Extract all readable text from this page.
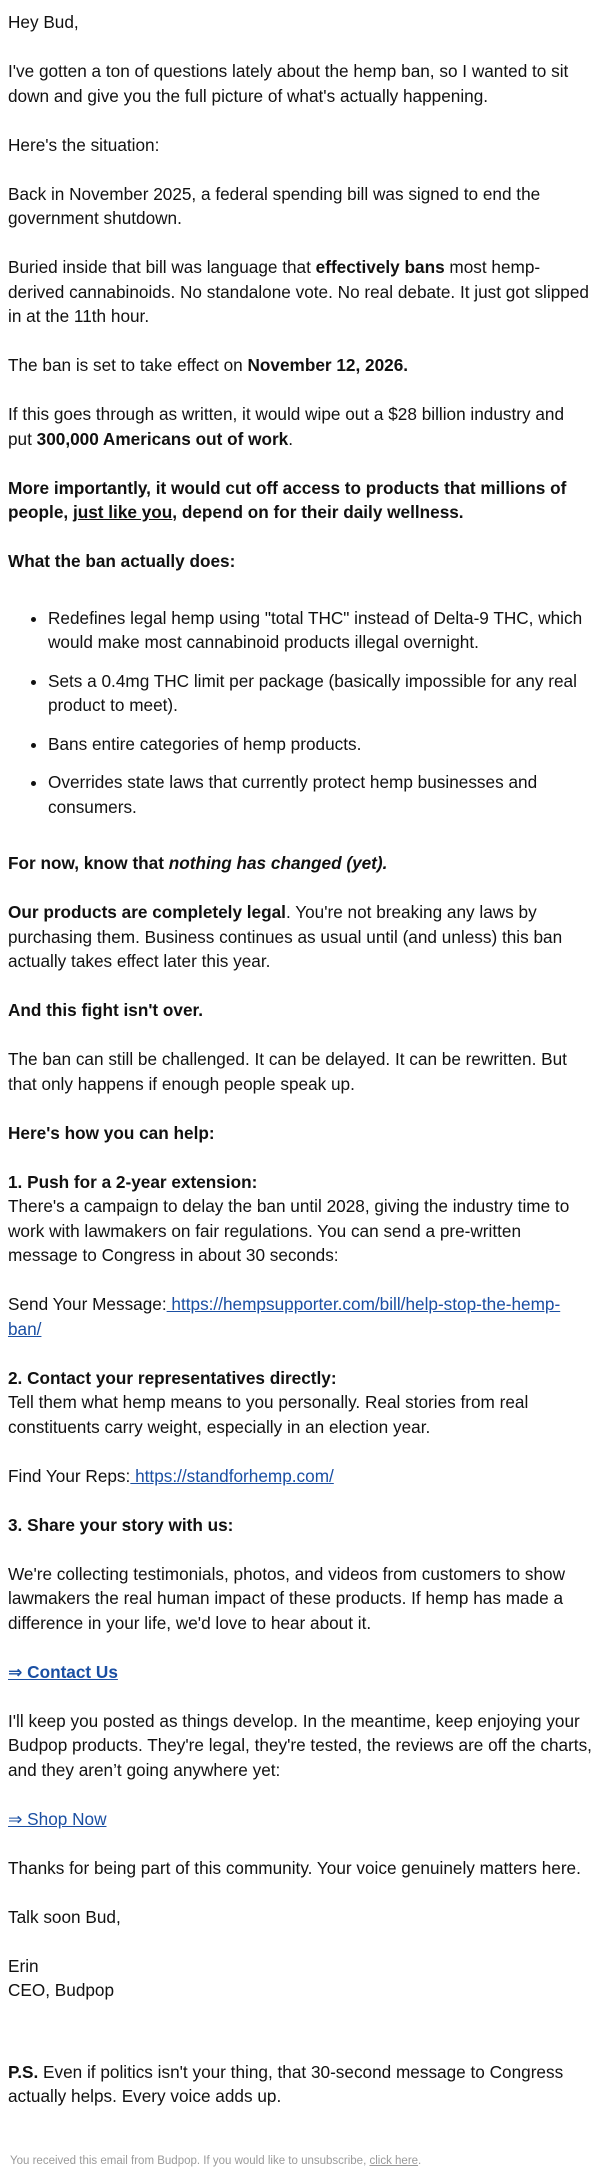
Hey Bud,

I've gotten a ton of questions lately about the hemp ban, so I wanted to sit down and give you the full picture of what's actually happening.

Here's the situation:

Back in November 2025, a federal spending bill was signed to end the government shutdown.

Buried inside that bill was language that effectively bans most hemp-derived cannabinoids. No standalone vote. No real debate. It just got slipped in at the 11th hour.

The ban is set to take effect on November 12, 2026.

If this goes through as written, it would wipe out a $28 billion industry and put 300,000 Americans out of work.

More importantly, it would cut off access to products that millions of people, just like you, depend on for their daily wellness.

What the ban actually does:

• Redefines legal hemp using "total THC" instead of Delta-9 THC, which would make most cannabinoid products illegal overnight.
• Sets a 0.4mg THC limit per package (basically impossible for any real product to meet).
• Bans entire categories of hemp products.
• Overrides state laws that currently protect hemp businesses and consumers.

For now, know that nothing has changed (yet).

Our products are completely legal. You're not breaking any laws by purchasing them. Business continues as usual until (and unless) this ban actually takes effect later this year.

And this fight isn't over.

The ban can still be challenged. It can be delayed. It can be rewritten. But that only happens if enough people speak up.

Here's how you can help:

1. Push for a 2-year extension:

There's a campaign to delay the ban until 2028, giving the industry time to work with lawmakers on fair regulations. You can send a pre-written message to Congress in about 30 seconds:

Send Your Message: https://hempsupporter.com/bill/help-stop-the-hemp-ban/

2. Contact your representatives directly:

Tell them what hemp means to you personally. Real stories from real constituents carry weight, especially in an election year.

Find Your Reps: https://standforhemp.com/

3. Share your story with us:

We're collecting testimonials, photos, and videos from customers to show lawmakers the real human impact of these products. If hemp has made a difference in your life, we'd love to hear about it.

⇒ Contact Us

I'll keep you posted as things develop. In the meantime, keep enjoying your Budpop products. They're legal, they're tested, the reviews are off the charts, and they aren’t going anywhere yet:

⇒ Shop Now

Thanks for being part of this community. Your voice genuinely matters here.

Talk soon Bud,

Erin

CEO, Budpop

P.S. Even if politics isn't your thing, that 30-second message to Congress actually helps. Every voice adds up.

You received this email from Budpop. If you would like to unsubscribe, click here.
